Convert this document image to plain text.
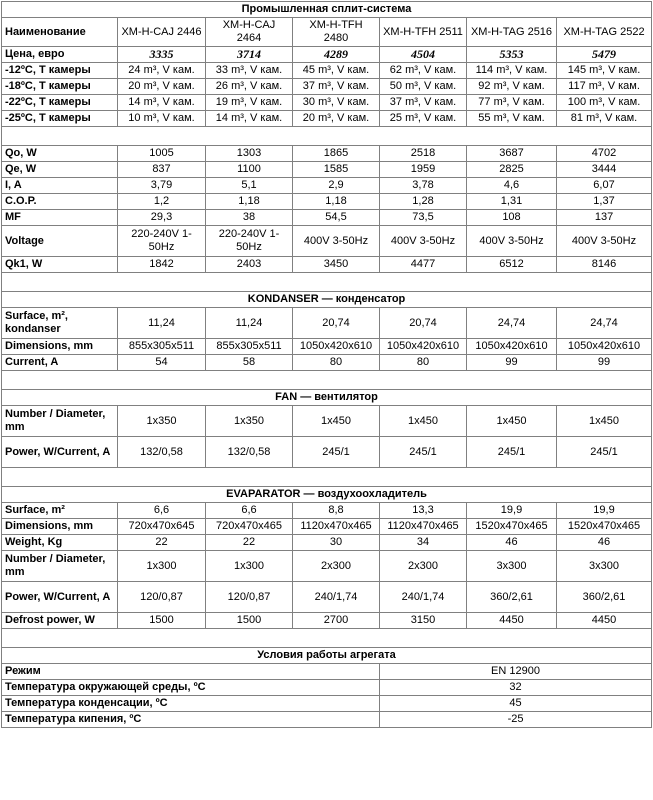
Промышленная сплит-система						
Наименование	XM-H-CAJ 2446	XM-H-CAJ 2464	XM-H-TFH 2480	XM-H-TFH 2511	XM-H-TAG 2516	XM-H-TAG 2522
Цена, евро	3335	3714	4289	4504	5353	5479
-12ºC, T камеры	24 m³, V кам.	33 m³, V кам.	45 m³, V кам.	62 m³, V кам.	114 m³, V кам.	145 m³, V кам.
-18ºC, T камеры	20 m³, V кам.	26 m³, V кам.	37 m³, V кам.	50 m³, V кам.	92 m³, V кам.	117 m³, V кам.
-22ºC, T камеры	14 m³, V кам.	19 m³, V кам.	30 m³, V кам.	37 m³, V кам.	77 m³, V кам.	100 m³, V кам.
-25ºC, T камеры	10 m³, V кам.	14 m³, V кам.	20 m³, V кам.	25 m³, V кам.	55 m³, V кам.	81 m³, V кам.

Qo, W	1005	1303	1865	2518	3687	4702
Qe, W	837	1100	1585	1959	2825	3444
I, A	3,79	5,1	2,9	3,78	4,6	6,07
C.O.P.	1,2	1,18	1,18	1,28	1,31	1,37
MF	29,3	38	54,5	73,5	108	137
Voltage	220-240V 1-50Hz	220-240V 1-50Hz	400V 3-50Hz	400V 3-50Hz	400V 3-50Hz	400V 3-50Hz
Qk1, W	1842	2403	3450	4477	6512	8146

KONDANSER — конденсатор						
Surface, m², kondanser	11,24	11,24	20,74	20,74	24,74	24,74
Dimensions, mm	855x305x511	855x305x511	1050x420x610	1050x420x610	1050x420x610	1050x420x610
Current, A	54	58	80	80	99	99

FAN — вентилятор						
Number / Diameter, mm	1x350	1x350	1x450	1x450	1x450	1x450
Power, W/Current, A	132/0,58	132/0,58	245/1	245/1	245/1	245/1

EVAPARATOR — воздухоохладитель						
Surface, m²	6,6	6,6	8,8	13,3	19,9	19,9
Dimensions, mm	720x470x645	720x470x465	1120x470x465	1120x470x465	1520x470x465	1520x470x465
Weight, Kg	22	22	30	34	46	46
Number / Diameter, mm	1x300	1x300	2x300	2x300	3x300	3x300
Power, W/Current, A	120/0,87	120/0,87	240/1,74	240/1,74	360/2,61	360/2,61
Defrost power, W	1500	1500	2700	3150	4450	4450

Условия работы агрегата						
Режим				EN 12900		
Температура окружающей среды, ºC				32		
Температура конденсации, ºC				45		
Температура кипения, ºC				-25		
